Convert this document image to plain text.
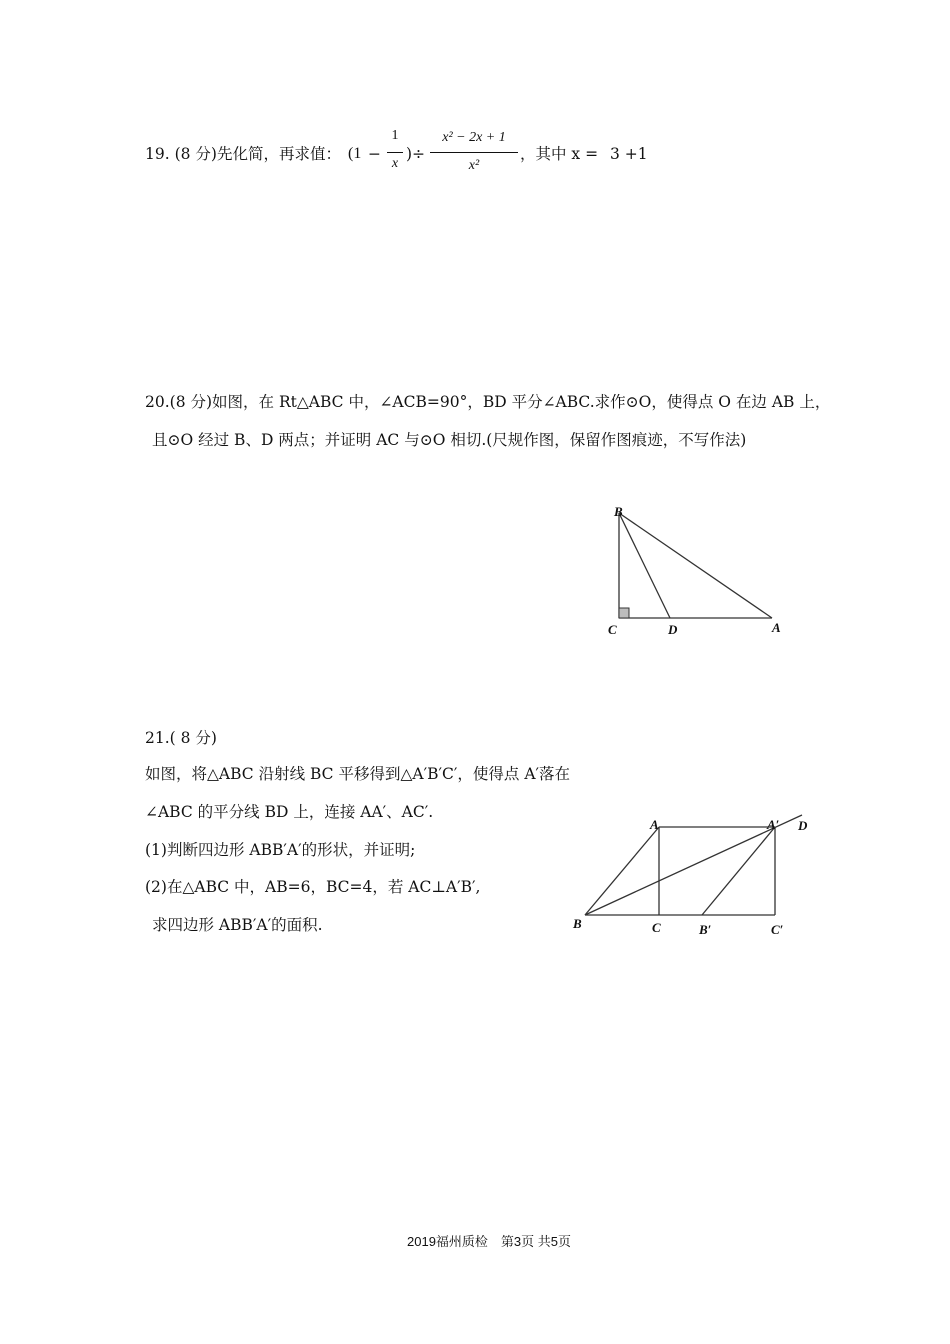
19. (8 分)先化简，再求值： (1 −
1
x
)÷
x² − 2x + 1
x²
，其中 x = 3 +1
20.(8 分)如图，在 Rt△ABC 中，∠ACB=90°，BD 平分∠ABC.求作⊙O，使得点 O 在边 AB 上，
且⊙O 经过 B、D 两点；并证明 AC 与⊙O 相切.(尺规作图，保留作图痕迹，不写作法)
B
C	D	A
21.( 8 分)
如图，将△ABC 沿射线 BC 平移得到△A′B′C′，使得点 A′落在
∠ABC 的平分线 BD 上，连接 AA′、AC′.
(1)判断四边形 ABB′A′的形状，并证明;
(2)在△ABC 中，AB=6，BC=4，若 AC⊥A′B′,
求四边形 ABB′A′的面积.
A	A′ D
B	C	B′	C′
2019福州质检　第3页 共5页
